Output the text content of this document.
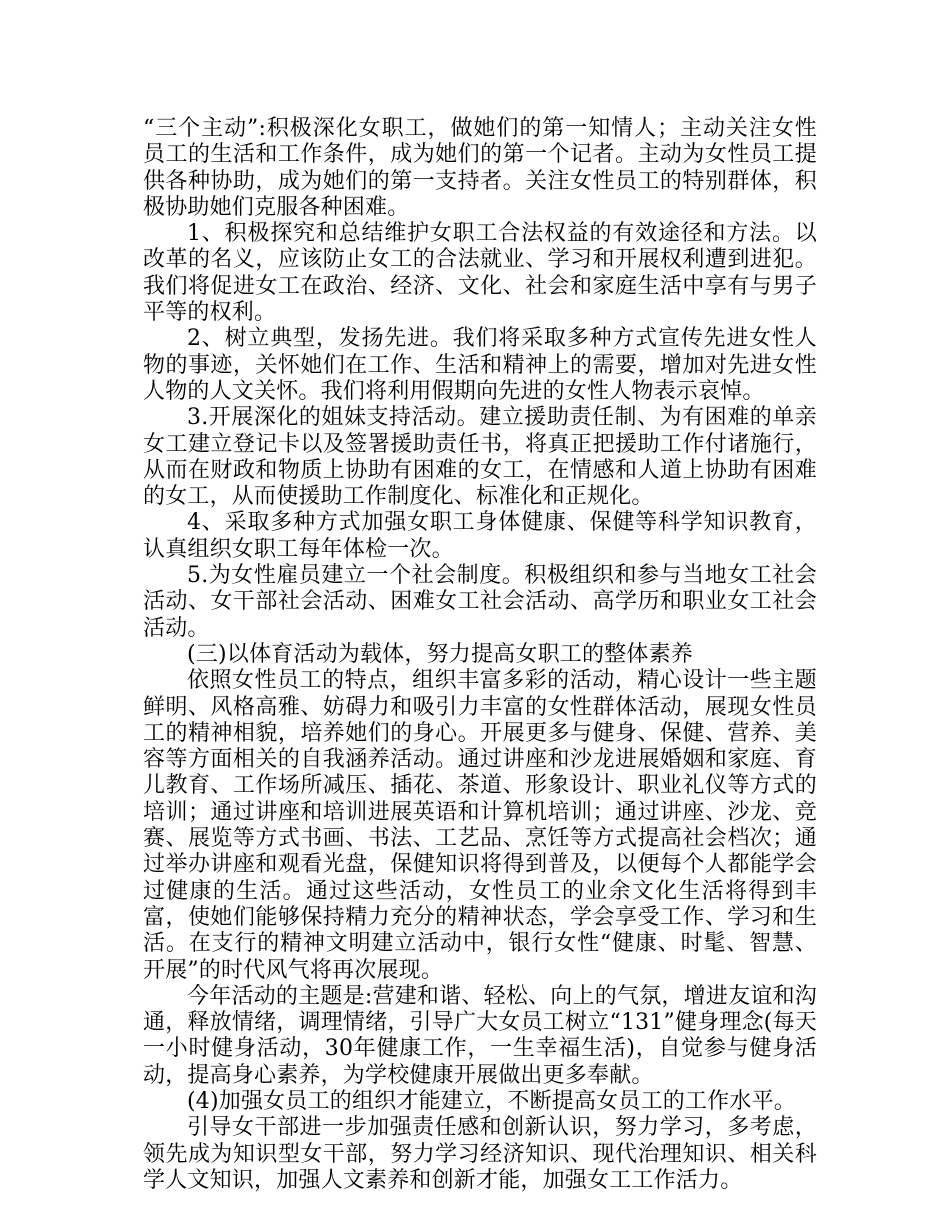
“三个主动”:积极深化女职工，做她们的第一知情人；主动关注女性员工的生活和工作条件，成为她们的第一个记者。主动为女性员工提供各种协助，成为她们的第一支持者。关注女性员工的特别群体，积极协助她们克服各种困难。

1、积极探究和总结维护女职工合法权益的有效途径和方法。以改革的名义，应该防止女工的合法就业、学习和开展权利遭到进犯。我们将促进女工在政治、经济、文化、社会和家庭生活中享有与男子平等的权利。

2、树立典型，发扬先进。我们将采取多种方式宣传先进女性人物的事迹，关怀她们在工作、生活和精神上的需要，增加对先进女性人物的人文关怀。我们将利用假期向先进的女性人物表示哀悼。

3.开展深化的姐妹支持活动。建立援助责任制、为有困难的单亲女工建立登记卡以及签署援助责任书，将真正把援助工作付诸施行，从而在财政和物质上协助有困难的女工，在情感和人道上协助有困难的女工，从而使援助工作制度化、标准化和正规化。

4、采取多种方式加强女职工身体健康、保健等科学知识教育，认真组织女职工每年体检一次。

5.为女性雇员建立一个社会制度。积极组织和参与当地女工社会活动、女干部社会活动、困难女工社会活动、高学历和职业女工社会活动。

(三)以体育活动为载体，努力提高女职工的整体素养

依照女性员工的特点，组织丰富多彩的活动，精心设计一些主题鲜明、风格高雅、妨碍力和吸引力丰富的女性群体活动，展现女性员工的精神相貌，培养她们的身心。开展更多与健身、保健、营养、美容等方面相关的自我涵养活动。通过讲座和沙龙进展婚姻和家庭、育儿教育、工作场所减压、插花、茶道、形象设计、职业礼仪等方式的培训；通过讲座和培训进展英语和计算机培训；通过讲座、沙龙、竞赛、展览等方式书画、书法、工艺品、烹饪等方式提高社会档次；通过举办讲座和观看光盘，保健知识将得到普及，以便每个人都能学会过健康的生活。通过这些活动，女性员工的业余文化生活将得到丰富，使她们能够保持精力充分的精神状态，学会享受工作、学习和生活。在支行的精神文明建立活动中，银行女性“健康、时髦、智慧、开展”的时代风气将再次展现。

今年活动的主题是:营建和谐、轻松、向上的气氛，增进友谊和沟通，释放情绪，调理情绪，引导广大女员工树立“131”健身理念(每天一小时健身活动，30年健康工作，一生幸福生活)，自觉参与健身活动，提高身心素养，为学校健康开展做出更多奉献。

(4)加强女员工的组织才能建立，不断提高女员工的工作水平。

引导女干部进一步加强责任感和创新认识，努力学习，多考虑，领先成为知识型女干部，努力学习经济知识、现代治理知识、相关科学人文知识，加强人文素养和创新才能，加强女工工作活力。
